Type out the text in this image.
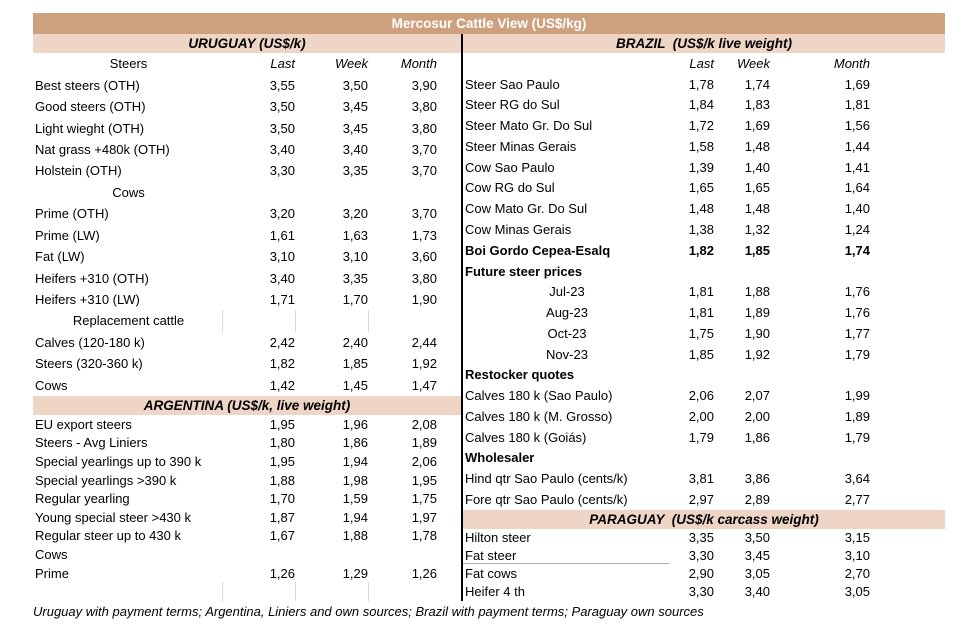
Mercosur Cattle View (US$/kg)
URUGUAY (US$/k)
Steers	Last	Week	Month
Best steers (OTH)	3,55	3,50	3,90
Good steers (OTH)	3,50	3,45	3,80
Light wieght (OTH)	3,50	3,45	3,80
Nat grass +480k (OTH)	3,40	3,40	3,70
Holstein (OTH)	3,30	3,35	3,70
Cows
Prime (OTH)	3,20	3,20	3,70
Prime (LW)	1,61	1,63	1,73
Fat (LW)	3,10	3,10	3,60
Heifers +310 (OTH)	3,40	3,35	3,80
Heifers +310 (LW)	1,71	1,70	1,90
Replacement cattle
Calves (120-180 k)	2,42	2,40	2,44
Steers (320-360 k)	1,82	1,85	1,92
Cows	1,42	1,45	1,47
ARGENTINA (US$/k, live weight)
EU export steers	1,95	1,96	2,08
Steers - Avg Liniers	1,80	1,86	1,89
Special yearlings up to 390 k	1,95	1,94	2,06
Special yearlings >390 k	1,88	1,98	1,95
Regular yearling	1,70	1,59	1,75
Young special steer >430 k	1,87	1,94	1,97
Regular steer up to 430 k	1,67	1,88	1,78
Cows
Prime	1,26	1,29	1,26
BRAZIL  (US$/k live weight)
Last	Week	Month
Steer Sao Paulo	1,78	1,74	1,69
Steer RG do Sul	1,84	1,83	1,81
Steer Mato Gr. Do Sul	1,72	1,69	1,56
Steer Minas Gerais	1,58	1,48	1,44
Cow Sao Paulo	1,39	1,40	1,41
Cow RG do Sul	1,65	1,65	1,64
Cow Mato Gr. Do Sul	1,48	1,48	1,40
Cow Minas Gerais	1,38	1,32	1,24
Boi Gordo Cepea-Esalq	1,82	1,85	1,74
Future steer prices
Jul-23	1,81	1,88	1,76
Aug-23	1,81	1,89	1,76
Oct-23	1,75	1,90	1,77
Nov-23	1,85	1,92	1,79
Restocker quotes
Calves 180 k (Sao Paulo)	2,06	2,07	1,99
Calves 180 k (M. Grosso)	2,00	2,00	1,89
Calves 180 k (Goiás)	1,79	1,86	1,79
Wholesaler
Hind qtr Sao Paulo (cents/k)	3,81	3,86	3,64
Fore qtr Sao Paulo (cents/k)	2,97	2,89	2,77
PARAGUAY  (US$/k carcass weight)
Hilton steer	3,35	3,50	3,15
Fat steer	3,30	3,45	3,10
Fat cows	2,90	3,05	2,70
Heifer 4 th	3,30	3,40	3,05
Uruguay with payment terms; Argentina, Liniers and own sources; Brazil with payment terms; Paraguay own sources
